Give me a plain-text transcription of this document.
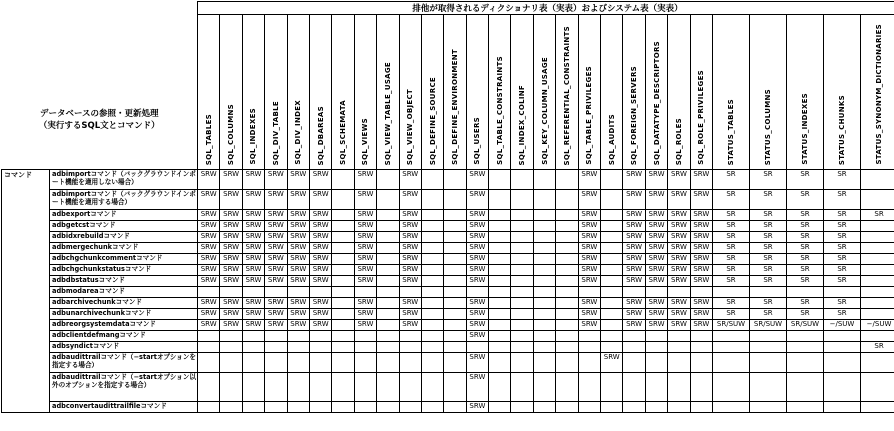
データベースの参照・更新処理
（実行するSQL文とコマンド）		排他が取得されるディクショナリ表（実表）およびシステム表（実表）																											

		SQL_TABLES	SQL_COLUMNS	SQL_INDEXES	SQL_DIV_TABLE	SQL_DIV_INDEX	SQL_DBAREAS	SQL_SCHEMATA	SQL_VIEWS	SQL_VIEW_TABLE_USAGE	SQL_VIEW_OBJECT	SQL_DEFINE_SOURCE	SQL_DEFINE_ENVIRONMENT	SQL_USERS	SQL_TABLE_CONSTRAINTS	SQL_INDEX_COLINF	SQL_KEY_COLUMN_USAGE	SQL_REFERENTIAL_CONSTRAINTS	SQL_TABLE_PRIVILEGES	SQL_AUDITS	SQL_FOREIGN_SERVERS	SQL_DATATYPE_DESCRIPTORS	SQL_ROLES	SQL_ROLE_PRIVILEGES	STATUS_TABLES	STATUS_COLUMNS	STATUS_INDEXES	STATUS_CHUNKS	STATUS_SYNONYM_DICTIONARIES

コマンド	adbimportコマンド（バックグラウンドインポート機能を適用しない場合）	SRW	SRW	SRW	SRW	SRW	SRW		SRW		SRW			SRW					SRW		SRW	SRW	SRW	SRW	SR	SR	SR	SR	
	adbimportコマンド（バックグラウンドインポート機能を適用する場合）	SRW	SRW	SRW	SRW	SRW	SRW		SRW		SRW			SRW					SRW		SRW	SRW	SRW	SRW	SR	SR	SR	SR	
	adbexportコマンド	SRW	SRW	SRW	SRW	SRW	SRW		SRW		SRW			SRW					SRW		SRW	SRW	SRW	SRW	SR	SR	SR	SR	SR
	adbgetcstコマンド	SRW	SRW	SRW	SRW	SRW	SRW		SRW		SRW			SRW					SRW		SRW	SRW	SRW	SRW	SR	SR	SR	SR	
	adbidxrebuildコマンド	SRW	SRW	SRW	SRW	SRW	SRW		SRW		SRW			SRW					SRW		SRW	SRW	SRW	SRW	SR	SR	SR	SR	
	adbmergechunkコマンド	SRW	SRW	SRW	SRW	SRW	SRW		SRW		SRW			SRW					SRW		SRW	SRW	SRW	SRW	SR	SR	SR	SR	
	adbchgchunkcommentコマンド	SRW	SRW	SRW	SRW	SRW	SRW		SRW		SRW			SRW					SRW		SRW	SRW	SRW	SRW	SR	SR	SR	SR	
	adbchgchunkstatusコマンド	SRW	SRW	SRW	SRW	SRW	SRW		SRW		SRW			SRW					SRW		SRW	SRW	SRW	SRW	SR	SR	SR	SR	
	adbdbstatusコマンド	SRW	SRW	SRW	SRW	SRW	SRW		SRW		SRW			SRW					SRW		SRW	SRW	SRW	SRW	SR	SR	SR	SR	
	adbmodareaコマンド																												
	adbarchivechunkコマンド	SRW	SRW	SRW	SRW	SRW	SRW		SRW		SRW			SRW					SRW		SRW	SRW	SRW	SRW	SR	SR	SR	SR	
	adbunarchivechunkコマンド	SRW	SRW	SRW	SRW	SRW	SRW		SRW		SRW			SRW					SRW		SRW	SRW	SRW	SRW	SR	SR	SR	SR	
	adbreorgsystemdataコマンド	SRW	SRW	SRW	SRW	SRW	SRW		SRW		SRW			SRW					SRW		SRW	SRW	SRW	SRW	SR/SUW	SR/SUW	SR/SUW	−/SUW	−/SUW
	adbclientdefmangコマンド													SRW															
	adbsyndictコマンド																												SR
	adbaudittrailコマンド（−startオプションを指定する場合）													SRW						SRW									
	adbaudittrailコマンド（−startオプション以外のオプションを指定する場合）													SRW															
	adbconvertaudittrailfileコマンド													SRW															
